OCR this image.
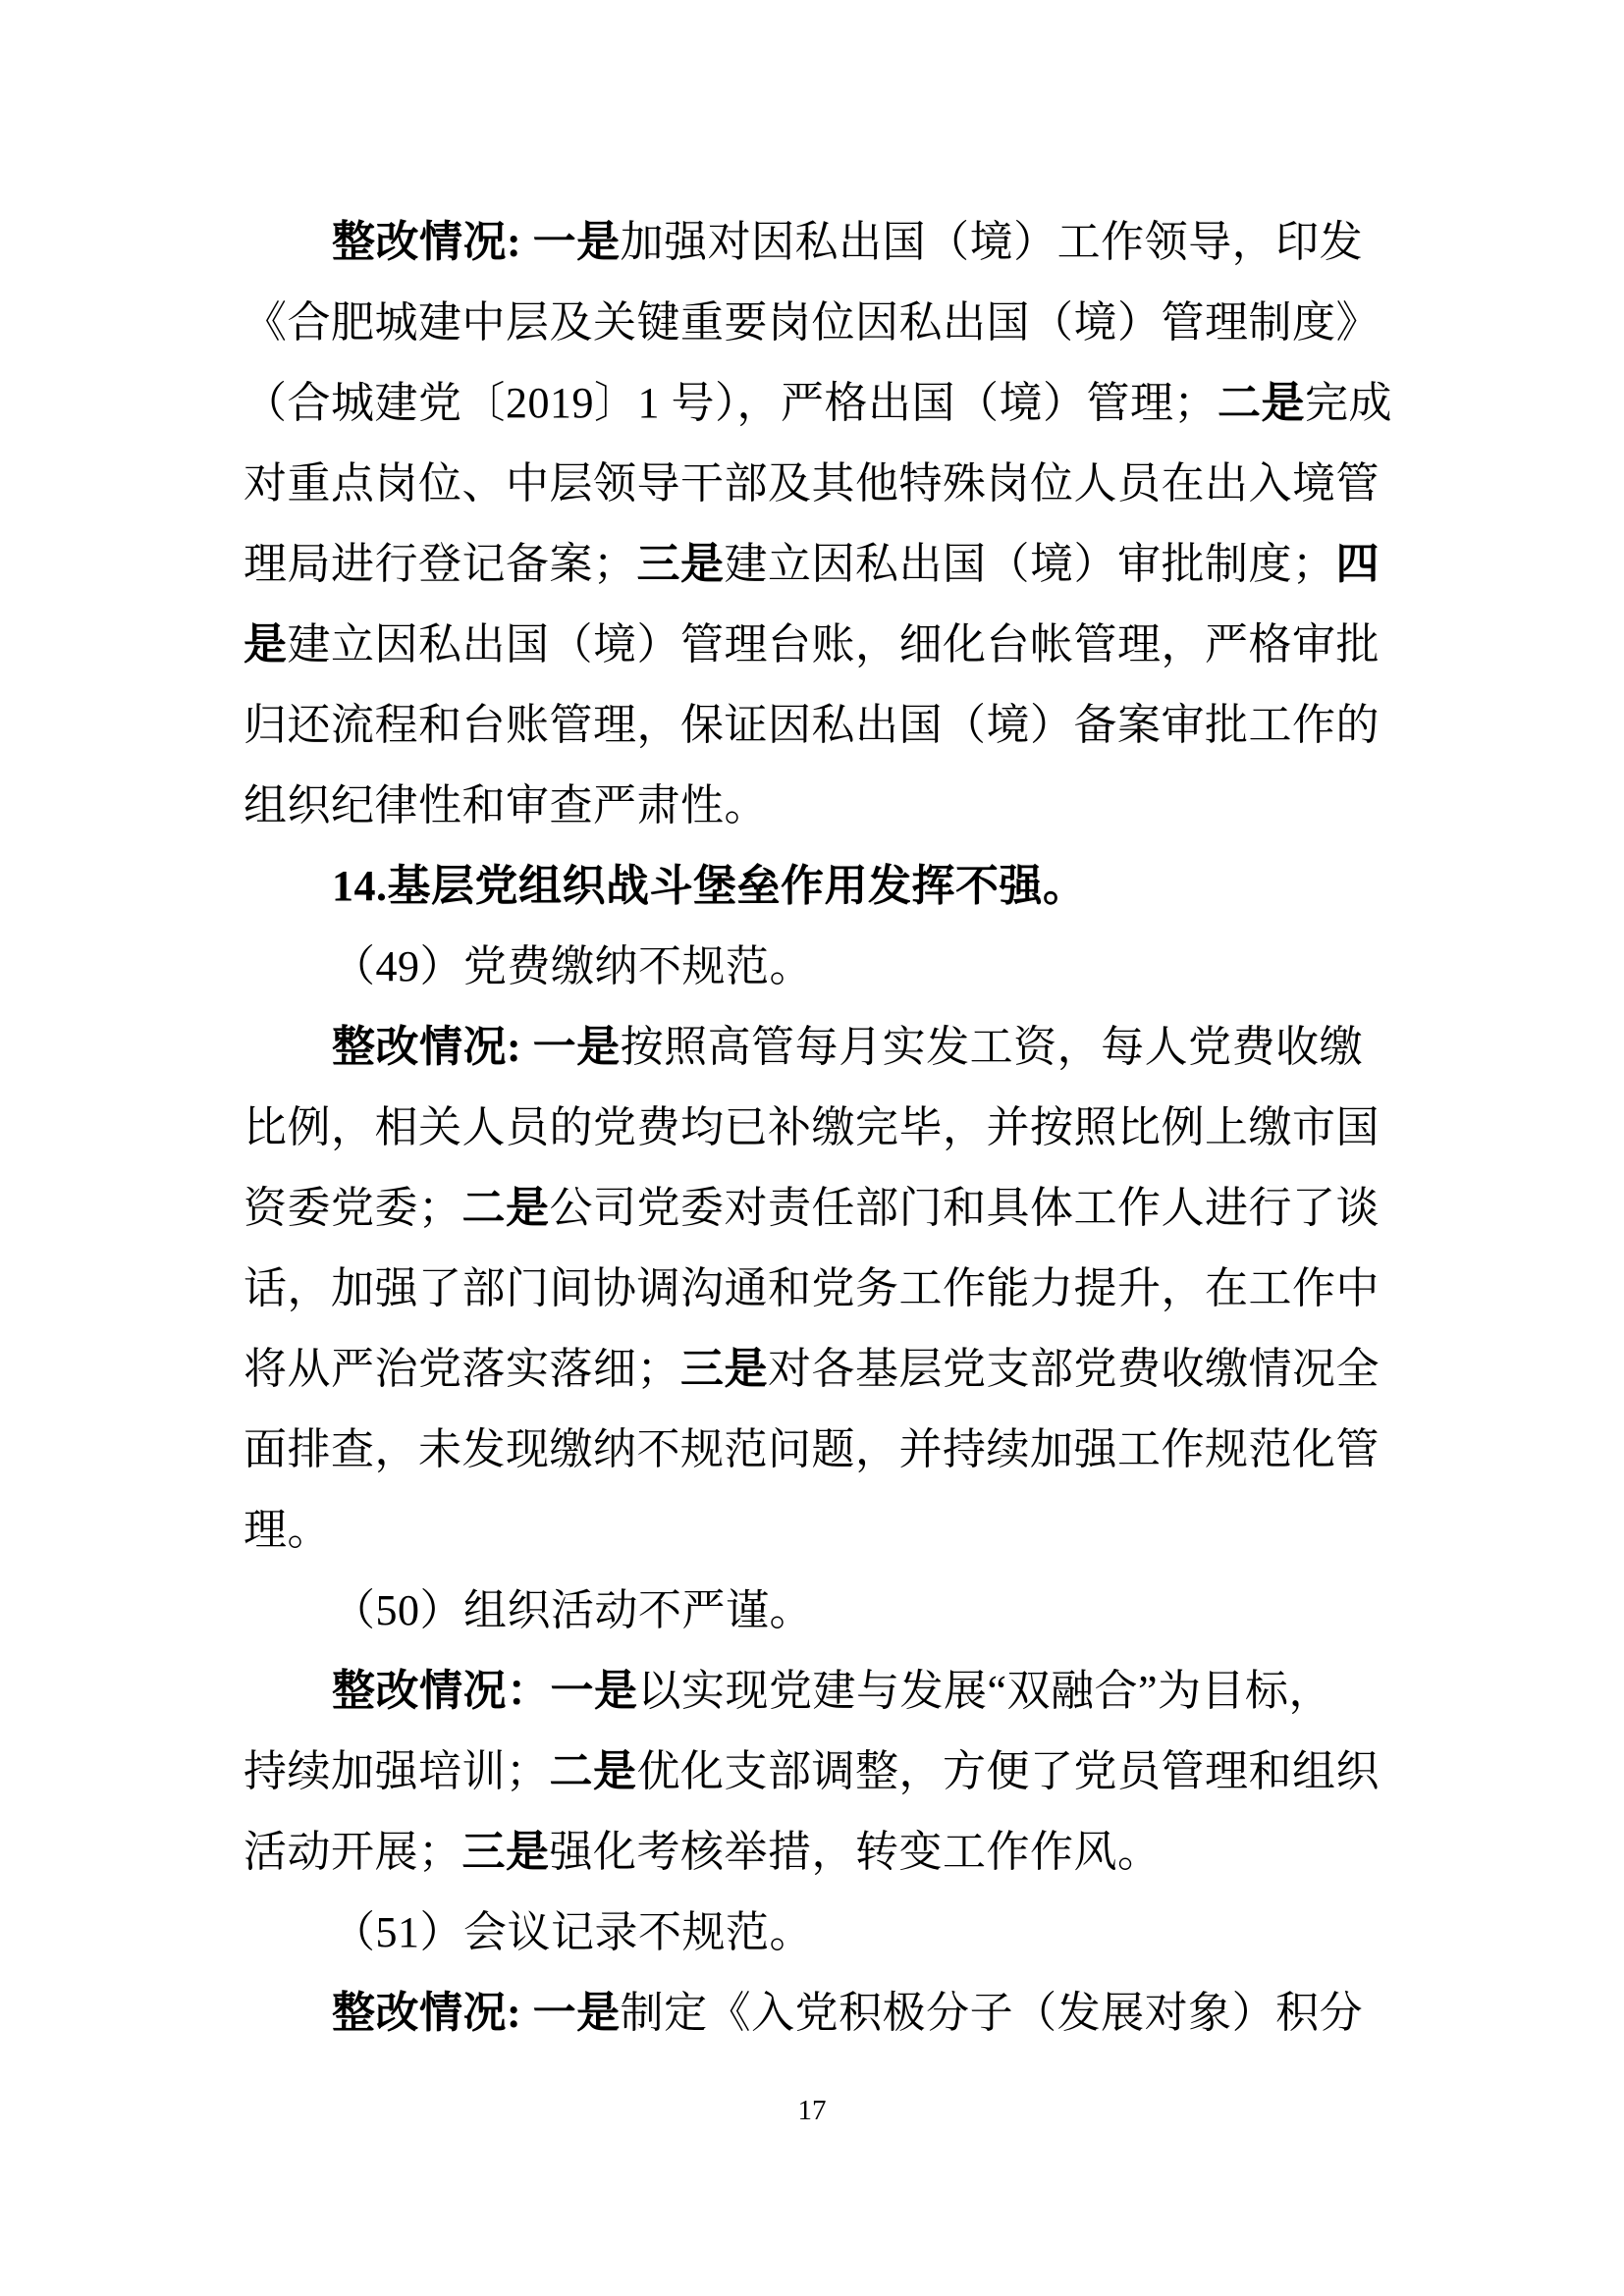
整改情况: 一是加强对因私出国（境）工作领导，印发
《合肥城建中层及关键重要岗位因私出国（境）管理制度》
（合城建党〔2019〕1 号），严格出国（境）管理；二是完成
对重点岗位、中层领导干部及其他特殊岗位人员在出入境管
理局进行登记备案；三是建立因私出国（境）审批制度；四
是建立因私出国（境）管理台账，细化台帐管理，严格审批
归还流程和台账管理，保证因私出国（境）备案审批工作的
组织纪律性和审查严肃性。
14.基层党组织战斗堡垒作用发挥不强。
（49）党费缴纳不规范。
整改情况: 一是按照高管每月实发工资，每人党费收缴
比例，相关人员的党费均已补缴完毕，并按照比例上缴市国
资委党委；二是公司党委对责任部门和具体工作人进行了谈
话，加强了部门间协调沟通和党务工作能力提升，在工作中
将从严治党落实落细；三是对各基层党支部党费收缴情况全
面排查，未发现缴纳不规范问题，并持续加强工作规范化管
理。
（50）组织活动不严谨。
整改情况：一是以实现党建与发展“双融合”为目标，
持续加强培训；二是优化支部调整，方便了党员管理和组织
活动开展；三是强化考核举措，转变工作作风。
（51）会议记录不规范。
整改情况: 一是制定《入党积极分子（发展对象）积分
17
